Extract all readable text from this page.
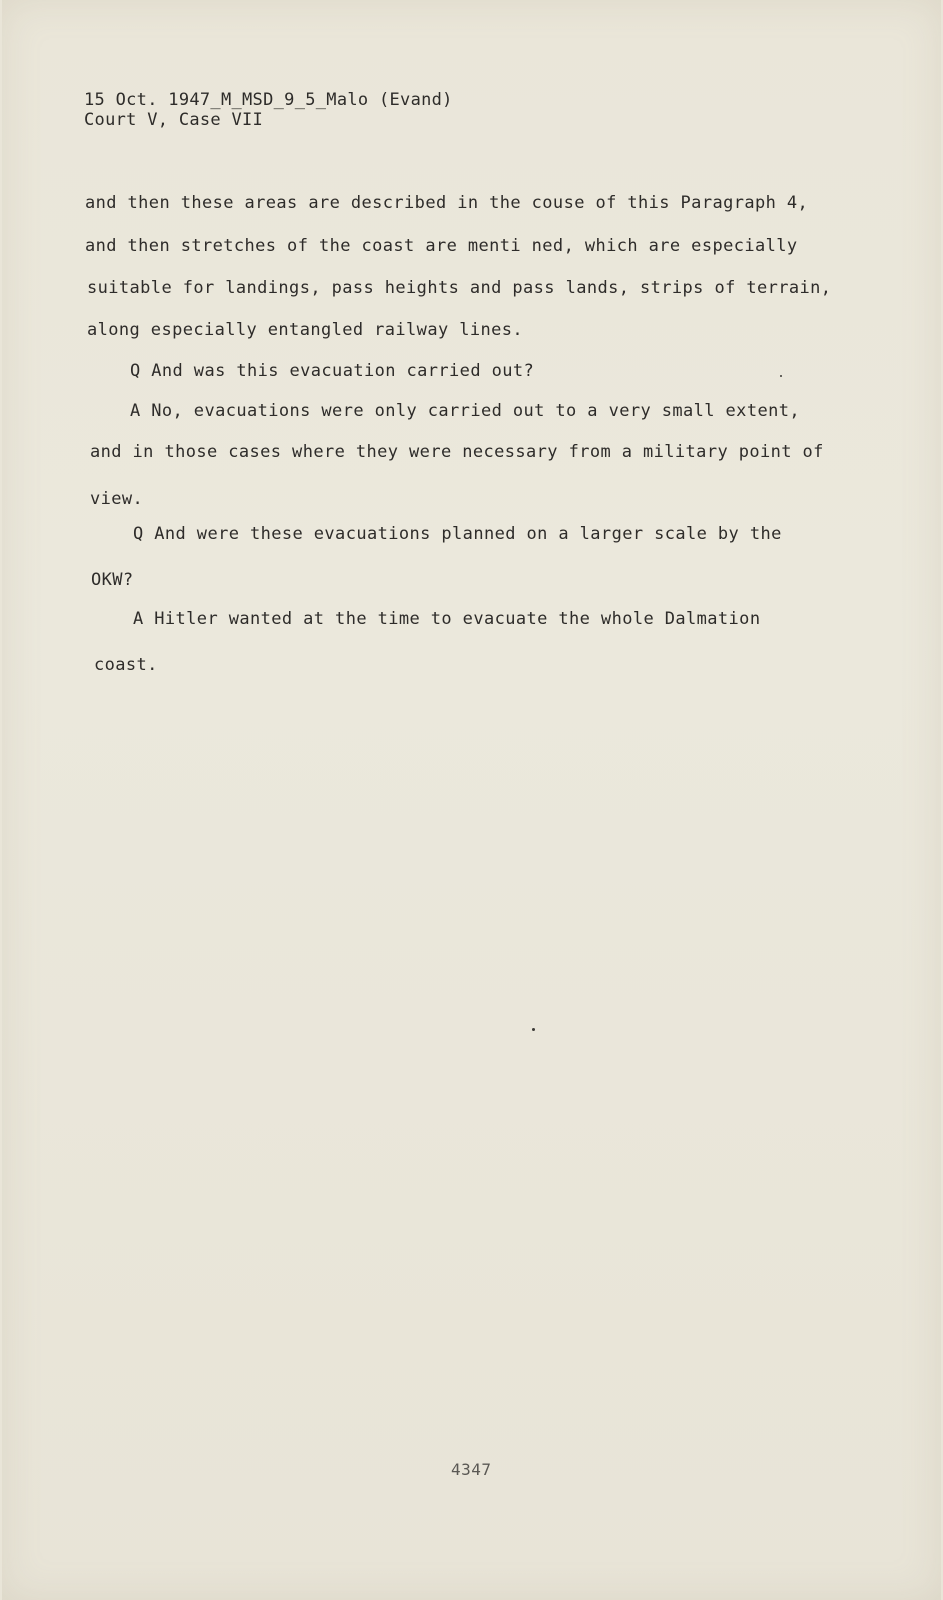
15 Oct. 1947_M_MSD_9_5_Malo (Evand)
Court V, Case VII
and then these areas are described in the couse of this Paragraph 4,
and then stretches of the coast are menti ned, which are especially
suitable for landings, pass heights and pass lands, strips of terrain,
along especially entangled railway lines.
Q And was this evacuation carried out?
A No, evacuations were only carried out to a very small extent,
and in those cases where they were necessary from a military point of
view.
Q And were these evacuations planned on a larger scale by the
OKW?
A Hitler wanted at the time to evacuate the whole Dalmation
coast.
4347
